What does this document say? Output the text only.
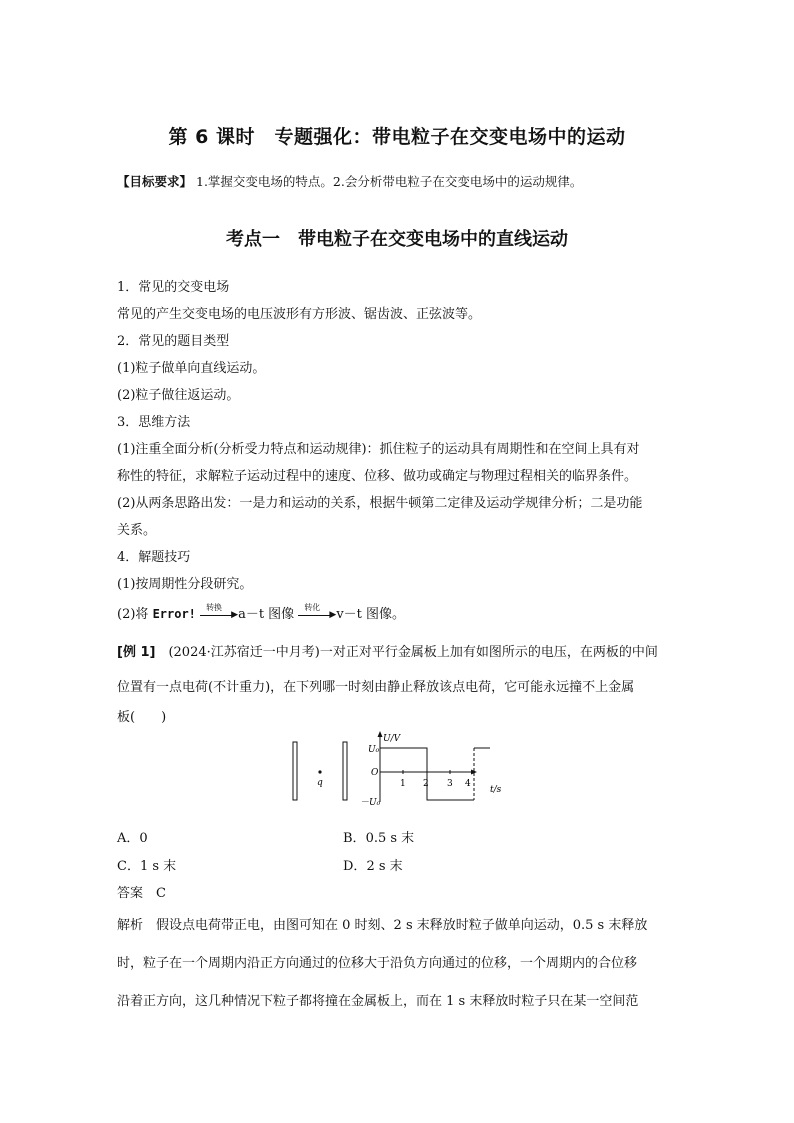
第 6 课时　专题强化：带电粒子在交变电场中的运动
【目标要求】 1.掌握交变电场的特点。2.会分析带电粒子在交变电场中的运动规律。
考点一　带电粒子在交变电场中的直线运动
1．常见的交变电场
常见的产生交变电场的电压波形有方形波、锯齿波、正弦波等。
2．常见的题目类型
(1)粒子做单向直线运动。
(2)粒子做往返运动。
3．思维方法
(1)注重全面分析(分析受力特点和运动规律)：抓住粒子的运动具有周期性和在空间上具有对
称性的特征，求解粒子运动过程中的速度、位移、做功或确定与物理过程相关的临界条件。
(2)从两条思路出发：一是力和运动的关系，根据牛顿第二定律及运动学规律分析；二是功能
关系。
4．解题技巧
(1)按周期性分段研究。
(2)将 Error! 转换
▶ a－t 图像 转化
▶ v－t 图像。
[例 1]　(2024·江苏宿迁一中月考)一对正对平行金属板上加有如图所示的电压，在两板的中间
位置有一点电荷(不计重力)，在下列哪一时刻由静止释放该点电荷，它可能永远撞不上金属
板(　　)
q
U/V
t/s
O
U₀
－U₀
1 2 3 4
A．0	B．0.5 s 末
C．1 s 末	D．2 s 末
答案　 C
解析　假设点电荷带正电，由图可知在 0 时刻、2 s 末释放时粒子做单向运动，0.5 s 末释放
时，粒子在一个周期内沿正方向通过的位移大于沿负方向通过的位移，一个周期内的合位移
沿着正方向，这几种情况下粒子都将撞在金属板上，而在 1 s 末释放时粒子只在某一空间范
